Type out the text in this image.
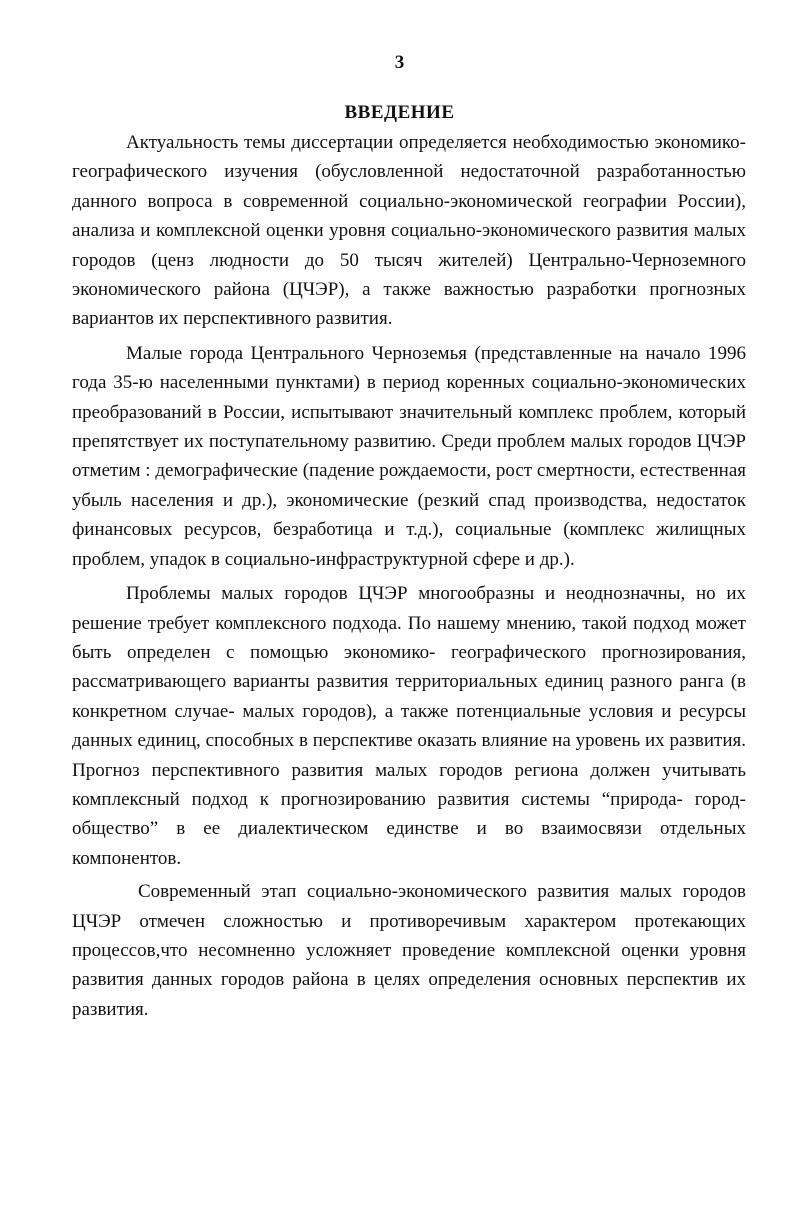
3
ВВЕДЕНИЕ

Актуальность темы диссертации определяется необходимостью экономико-географического изучения (обусловленной недостаточной разработанностью данного вопроса в современной социально-экономической географии России), анализа и комплексной оценки уровня социально-экономического развития малых городов (ценз людности до 50 тысяч жителей) Центрально-Черноземного экономического района (ЦЧЭР), а также важностью разработки прогнозных вариантов их перспективного развития.

Малые города Центрального Черноземья (представленные на начало 1996 года 35-ю населенными пунктами) в период коренных социально-экономических преобразований в России, испытывают значительный комплекс проблем, который препятствует их поступательному развитию. Среди проблем малых городов ЦЧЭР отметим : демографические (падение рождаемости, рост смертности, естественная убыль населения и др.), экономические (резкий спад производства, недостаток финансовых ресурсов, безработица и т.д.), социальные (комплекс жилищных проблем, упадок в социально-инфраструктурной сфере и др.).

Проблемы малых городов ЦЧЭР многообразны и неоднозначны, но их решение требует комплексного подхода. По нашему мнению, такой подход может быть определен с помощью экономико- географического прогнозирования, рассматривающего варианты развития территориальных единиц разного ранга (в конкретном случае- малых городов), а также потенциальные условия и ресурсы данных единиц, способных в перспективе оказать влияние на уровень их развития. Прогноз перспективного развития малых городов региона должен учитывать комплексный подход к прогнозированию развития системы “природа- город- общество” в ее диалектическом единстве и во взаимосвязи отдельных компонентов.

Современный этап социально-экономического развития малых городов ЦЧЭР отмечен сложностью и противоречивым характером протекающих процессов,что несомненно усложняет проведение комплексной оценки уровня развития данных городов района в целях определения основных перспектив их развития.
